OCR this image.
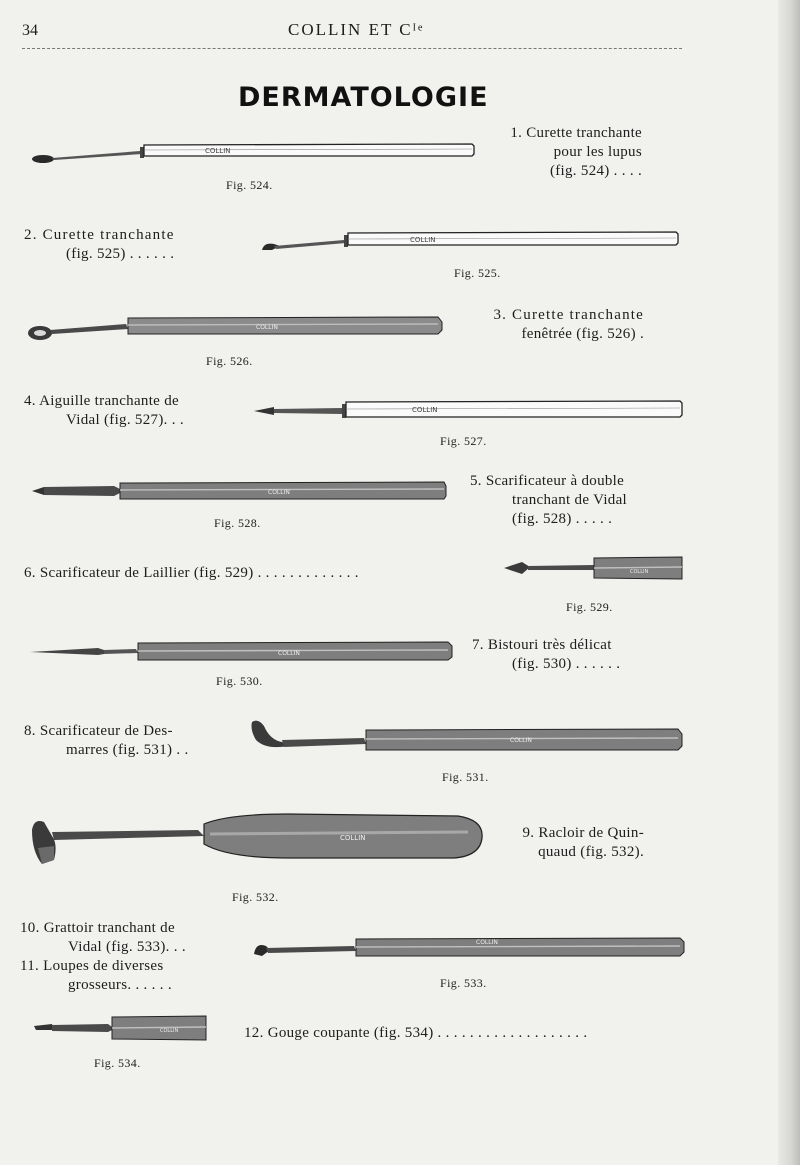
34	COLLIN ET Cᴵᵉ
DERMATOLOGIE
1. Curette tranchante
pour les lupus
(fig. 524) . . . .
2. Curette tranchante
(fig. 525) . . . . . .
3. Curette tranchante
fenêtrée (fig. 526) .
4. Aiguille tranchante de
Vidal (fig. 527). . .
5. Scarificateur à double
tranchant de Vidal
(fig. 528) . . . . .
6. Scarificateur de Laillier (fig. 529) . . . . . . . . . . . . .
7. Bistouri très délicat
(fig. 530) . . . . . .
8. Scarificateur de Des-
marres (fig. 531) . .
9. Racloir de Quin-
quaud (fig. 532).
10. Grattoir tranchant de
Vidal (fig. 533). . .
11. Loupes de diverses
grosseurs. . . . . .
12. Gouge coupante (fig. 534) . . . . . . . . . . . . . . . . . . .
Fig. 524.
Fig. 525.
Fig. 526.
Fig. 527.
Fig. 528.
Fig. 529.
Fig. 530.
Fig. 531.
Fig. 532.
Fig. 533.
Fig. 534.
COLLIN
COLLIN
COLLIN
COLLIN
COLLIN
COLLIN
COLLIN
COLLIN
COLLIN
COLLIN
COLLIN
